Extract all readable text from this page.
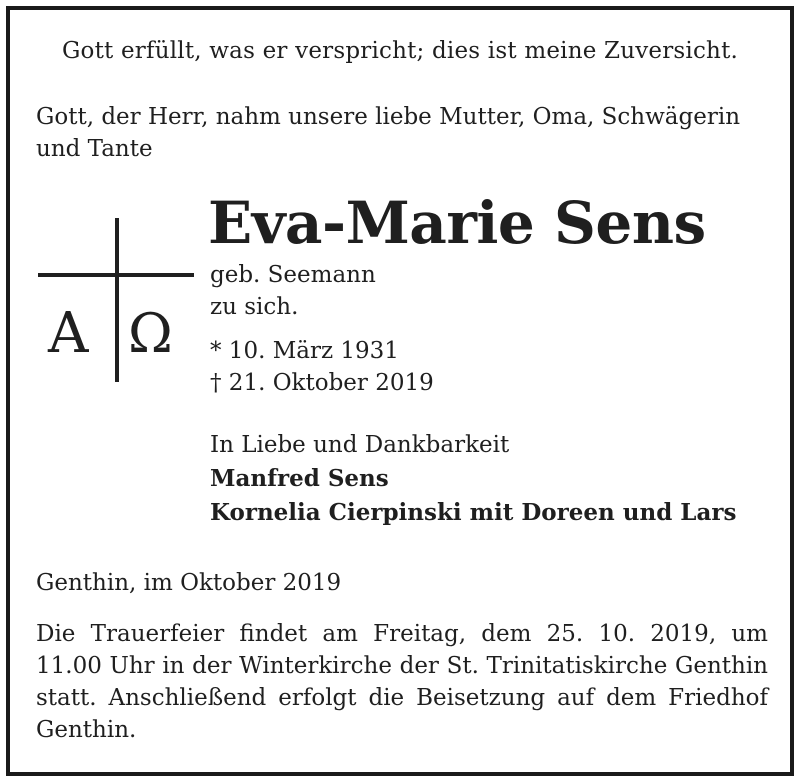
Gott erfüllt, was er verspricht; dies ist meine Zuversicht.
Gott, der Herr, nahm unsere liebe Mutter, Oma, Schwägerin
und Tante
A Ω
Eva-Marie Sens
geb. Seemann
zu sich.
* 10. März 1931
† 21. Oktober 2019
In Liebe und Dankbarkeit
Manfred Sens
Kornelia Cierpinski mit Doreen und Lars
Genthin, im Oktober 2019
Die Trauerfeier findet am Freitag, dem 25. 10. 2019, um 11.00 Uhr in der Winterkirche der St. Trinitatiskirche Genthin statt. Anschließend erfolgt die Beisetzung auf dem Friedhof Genthin.
